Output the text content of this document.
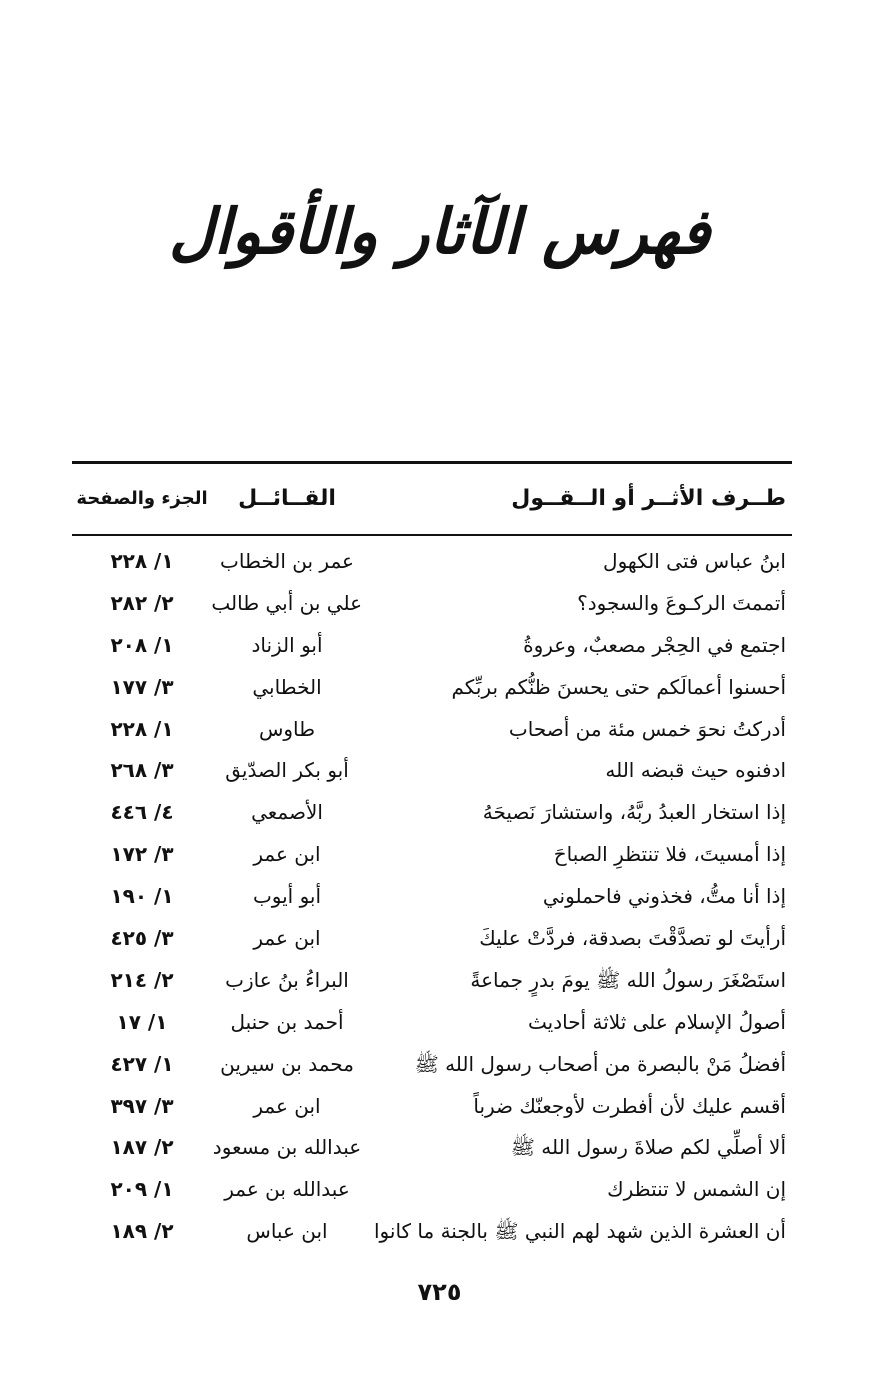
فهرس الآثار والأقوال
طــرف الأثــر أو الــقــول
القــائــل
الجزء والصفحة
ابنُ عباس فتى الكهول
عمر بن الخطاب
١/ ٢٢٨
أتممتَ الركـوعَ والسجود؟
علي بن أبي طالب
٢/ ٢٨٢
اجتمع في الحِجْر مصعبٌ، وعروةُ
أبو الزناد
١/ ٢٠٨
أحسنوا أعمالَكم حتى يحسنَ ظنُّكم بربِّكم
الخطابي
٣/ ١٧٧
أدركتُ نحوَ خمس مئة من أصحاب
طاوس
١/ ٢٢٨
ادفنوه حيث قبضه الله
أبو بكر الصدّيق
٣/ ٢٦٨
إذا استخار العبدُ ربَّهُ، واستشارَ نَصيحَهُ
الأصمعي
٤/ ٤٤٦
إذا أمسيتَ، فلا تنتظرِ الصباحَ
ابن عمر
٣/ ١٧٢
إذا أنا متُّ، فخذوني فاحملوني
أبو أيوب
١/ ١٩٠
أرأيتَ لو تصدَّقْتَ بصدقة، فردَّتْ عليكَ
ابن عمر
٣/ ٤٢٥
استَصْغَرَ رسولُ الله ﷺ يومَ بدرٍ جماعةً
البراءُ بنُ عازب
٢/ ٢١٤
أصولُ الإسلام على ثلاثة أحاديث
أحمد بن حنبل
١/ ١٧
أفضلُ مَنْ بالبصرة من أصحاب رسول الله ﷺ
محمد بن سيرين
١/ ٤٢٧
أقسم عليك لأن أفطرت لأوجعنّك ضرباً
ابن عمر
٣/ ٣٩٧
ألا أصلِّي لكم صلاةَ رسول الله ﷺ
عبدالله بن مسعود
٢/ ١٨٧
إن الشمس لا تنتظرك
عبدالله بن عمر
١/ ٢٠٩
أن العشرة الذين شهد لهم النبي ﷺ بالجنة ما كانوا
ابن عباس
٢/ ١٨٩
٧٢٥
